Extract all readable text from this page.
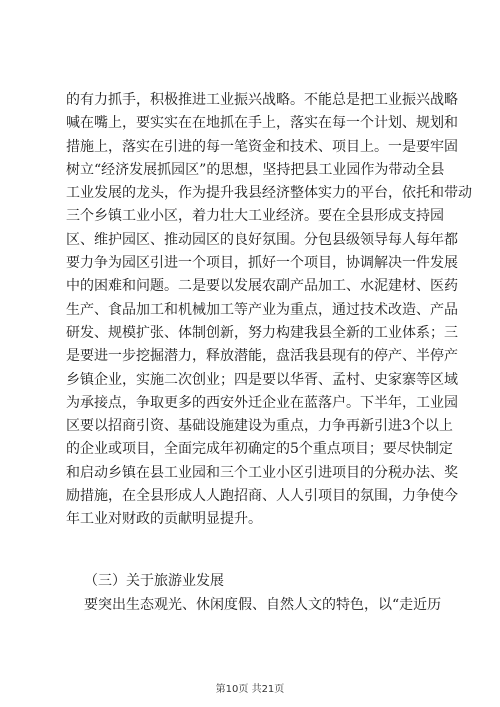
的有力抓手，积极推进工业振兴战略。不能总是把工业振兴战略
喊在嘴上，要实实在在地抓在手上，落实在每一个计划、规划和
措施上，落实在引进的每一笔资金和技术、项目上。一是要牢固
树立“经济发展抓园区”的思想，坚持把县工业园作为带动全县
工业发展的龙头，作为提升我县经济整体实力的平台，依托和带动
三个乡镇工业小区，着力壮大工业经济。要在全县形成支持园
区、维护园区、推动园区的良好氛围。分包县级领导每人每年都
要力争为园区引进一个项目，抓好一个项目，协调解决一件发展
中的困难和问题。二是要以发展农副产品加工、水泥建材、医药
生产、食品加工和机械加工等产业为重点，通过技术改造、产品
研发、规模扩张、体制创新，努力构建我县全新的工业体系；三
是要进一步挖掘潜力，释放潜能，盘活我县现有的停产、半停产
乡镇企业，实施二次创业；四是要以华胥、孟村、史家寨等区域
为承接点，争取更多的西安外迁企业在蓝落户。下半年，工业园
区要以招商引资、基础设施建设为重点，力争再新引进3个以上
的企业或项目，全面完成年初确定的5个重点项目；要尽快制定
和启动乡镇在县工业园和三个工业小区引进项目的分税办法、奖
励措施，在全县形成人人跑招商、人人引项目的氛围，力争使今
年工业对财政的贡献明显提升。
（三）关于旅游业发展
要突出生态观光、休闲度假、自然人文的特色，以“走近历
第10页 共21页
